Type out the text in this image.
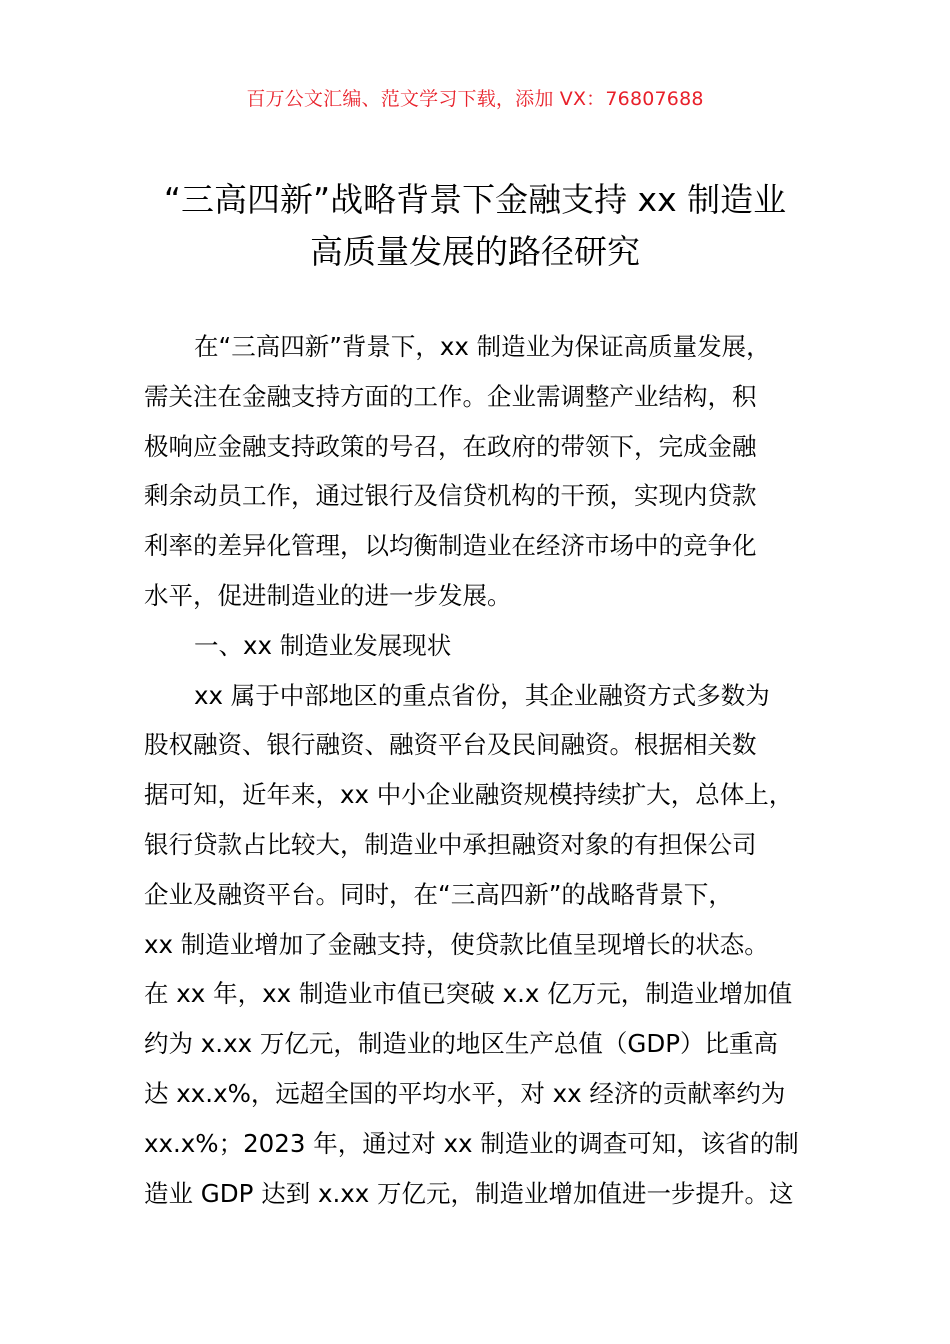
百万公文汇编、范文学习下载，添加 VX：76807688
“三高四新”战略背景下金融支持 xx 制造业
高质量发展的路径研究
在“三高四新”背景下，xx 制造业为保证高质量发展，
需关注在金融支持方面的工作。企业需调整产业结构，积
极响应金融支持政策的号召，在政府的带领下，完成金融
剩余动员工作，通过银行及信贷机构的干预，实现内贷款
利率的差异化管理，以均衡制造业在经济市场中的竞争化
水平，促进制造业的进一步发展。
一、xx 制造业发展现状
xx 属于中部地区的重点省份，其企业融资方式多数为
股权融资、银行融资、融资平台及民间融资。根据相关数
据可知，近年来，xx 中小企业融资规模持续扩大，总体上，
银行贷款占比较大，制造业中承担融资对象的有担保公司
企业及融资平台。同时，在“三高四新”的战略背景下，
xx 制造业增加了金融支持，使贷款比值呈现增长的状态。
在 xx 年，xx 制造业市值已突破 x.x 亿万元，制造业增加值
约为 x.xx 万亿元，制造业的地区生产总值（GDP）比重高
达 xx.x%，远超全国的平均水平，对 xx 经济的贡献率约为
xx.x%；2023 年，通过对 xx 制造业的调查可知，该省的制
造业 GDP 达到 x.xx 万亿元，制造业增加值进一步提升。这
